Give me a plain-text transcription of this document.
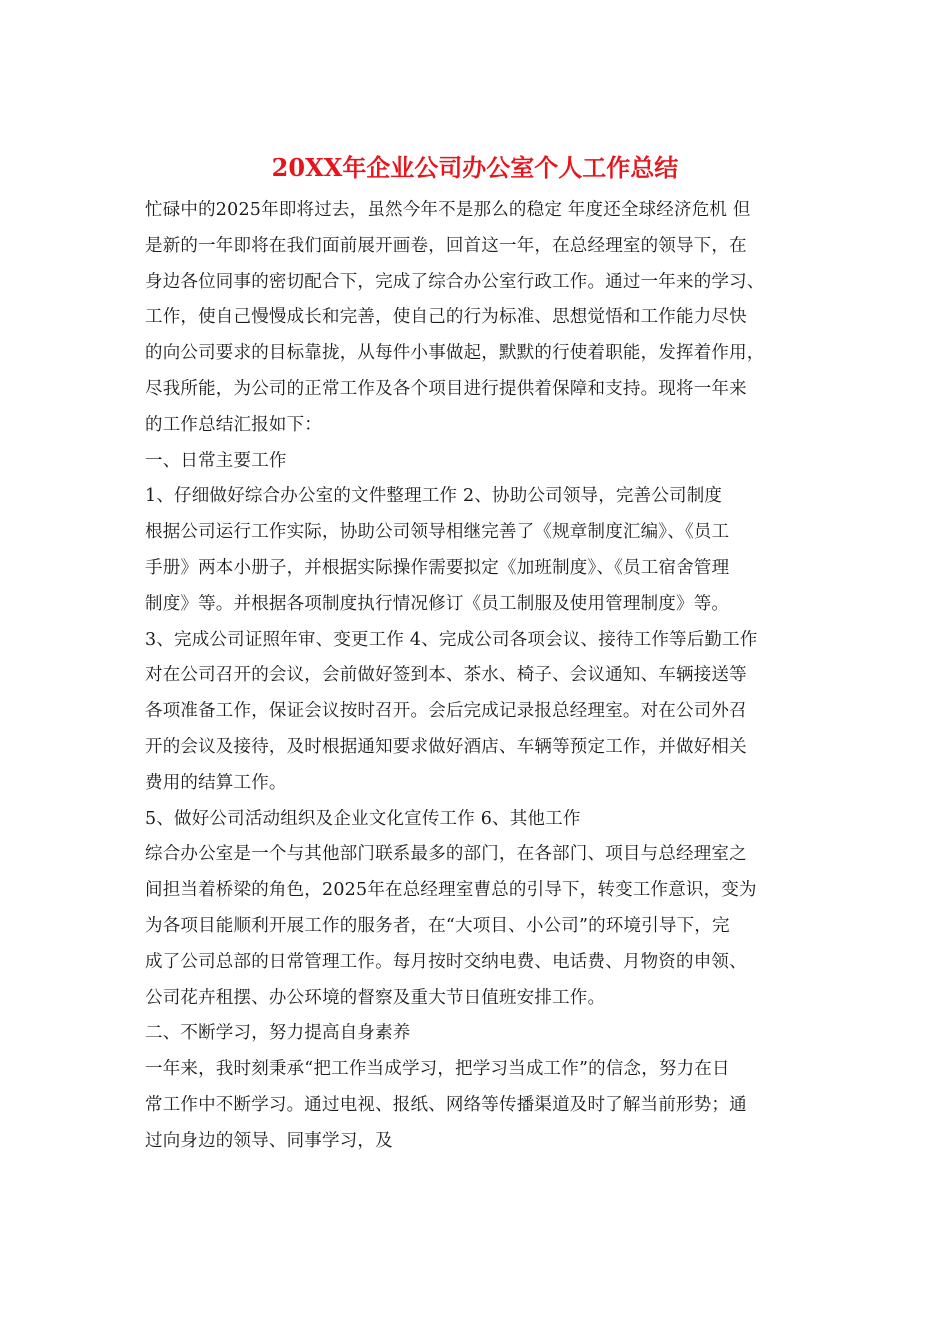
20XX年企业公司办公室个人工作总结
忙碌中的2025年即将过去，虽然今年不是那么的稳定 年度还全球经济危机 但
是新的一年即将在我们面前展开画卷，回首这一年，在总经理室的领导下，在
身边各位同事的密切配合下，完成了综合办公室行政工作。通过一年来的学习、
工作，使自己慢慢成长和完善，使自己的行为标准、思想觉悟和工作能力尽快
的向公司要求的目标靠拢，从每件小事做起，默默的行使着职能，发挥着作用，
尽我所能，为公司的正常工作及各个项目进行提供着保障和支持。现将一年来
的工作总结汇报如下：
一、日常主要工作
1、仔细做好综合办公室的文件整理工作 2、协助公司领导，完善公司制度
根据公司运行工作实际，协助公司领导相继完善了《规章制度汇编》、《员工
手册》两本小册子，并根据实际操作需要拟定《加班制度》、《员工宿舍管理
制度》等。并根据各项制度执行情况修订《员工制服及使用管理制度》等。
3、完成公司证照年审、变更工作 4、完成公司各项会议、接待工作等后勤工作
对在公司召开的会议，会前做好签到本、茶水、椅子、会议通知、车辆接送等
各项准备工作，保证会议按时召开。会后完成记录报总经理室。对在公司外召
开的会议及接待，及时根据通知要求做好酒店、车辆等预定工作，并做好相关
费用的结算工作。
5、做好公司活动组织及企业文化宣传工作 6、其他工作
综合办公室是一个与其他部门联系最多的部门，在各部门、项目与总经理室之
间担当着桥梁的角色，2025年在总经理室曹总的引导下，转变工作意识，变为
为各项目能顺利开展工作的服务者，在“大项目、小公司”的环境引导下，完
成了公司总部的日常管理工作。每月按时交纳电费、电话费、月物资的申领、
公司花卉租摆、办公环境的督察及重大节日值班安排工作。
二、不断学习，努力提高自身素养
一年来，我时刻秉承“把工作当成学习，把学习当成工作”的信念，努力在日
常工作中不断学习。通过电视、报纸、网络等传播渠道及时了解当前形势；通
过向身边的领导、同事学习，及
